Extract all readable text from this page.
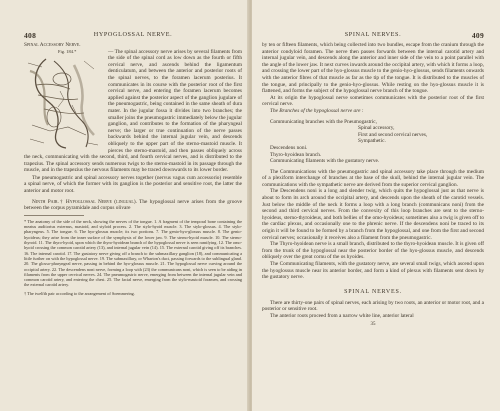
408	HYPOGLOSSAL NERVE.

Spinal Accessory Nerve.

Fig. 184.*	— The spinal accessory nerve arises by several filaments from the side of the spinal cord as low down as the fourth or fifth cervical nerve, and ascends behind the ligamentum denticulatum, and between the anterior and posterior roots of the spinal nerves, to the foramen lacerum posterius. It communicates in its course with the posterior root of the first cervical nerve, and entering the foramen lacerum becomes applied against the posterior aspect of the ganglion jugulare of the pneumogastric, being contained in the same sheath of dura mater. In the jugular fossa it divides into two branches; the smaller joins the pneumogastric immediately below the jugular ganglion, and contributes to the formation of the pharyngeal nerve; the larger or true continuation of the nerve passes backwards behind the internal jugular vein, and descends obliquely to the upper part of the sterno-mastoid muscle. It pierces the sterno-mastoid, and then passes obliquely across the neck, communicating with the second, third, and fourth cervical nerves, and is distributed to the trapezius. The spinal accessory sends numerous twigs to the sterno-mastoid in its passage through the muscle, and in the trapezius the nervous filaments may be traced downwards to its lower border.

The pneumogastric and spinal accessory nerves together (nervus vagus cum accessorio) resemble a spinal nerve, of which the former with its ganglion is the posterior and sensitive root, the latter the anterior and motor root.

Ninth Pair.† Hypoglossal Nerve (lingual). The hypoglossal nerve arises from the groove between the corpus pyramidale and corpus olivare

* The anatomy of the side of the neck, showing the nerves of the tongue. 1. A fragment of the temporal bone containing the meatus auditorius externus, mastoid, and styloid process. 2. The stylo-hyoid muscle. 3. The stylo-glossus. 4. The stylo-pharyngeus. 5. The tongue. 6. The hyo-glossus muscle; its two portions. 7. The genio-hyo-glossus muscle. 8. The genio-hyoideus; they arise from the inner surface of the symphysis of the lower jaw. 9. The sterno-hyoid muscle. 10. The sterno-thyroid. 11. The thyro-hyoid, upon which the thyro-hyoidean branch of the hypoglossal nerve is seen ramifying. 12. The omo-hyoid crossing the common carotid artery (13), and internal jugular vein (14). 15. The external carotid giving off its branches. 16. The internal carotid. 17. The gustatory nerve giving off a branch to the submaxillary ganglion (18), and communicating a little further on with the hypoglossal nerve. 19. The submaxillary, or Wharton's duct, passing forwards to the sublingual gland. 20. The glosso-pharyngeal nerve, passing in behind the hyo-glossus muscle. 21. The hypoglossal nerve curving around the occipital artery. 22. The descendens noni nerve, forming a loop with (23) the communicans noni, which is seen to be aiding in filaments from the upper cervical nerves. 24. The pneumogastric nerve, emerging from between the internal jugular vein and common carotid artery, and entering the chest. 25. The facial nerve, emerging from the stylo-mastoid foramen, and crossing the external carotid artery.

† The twelfth pair according to the arrangement of Soemmering.

SPINAL NERVES.	409

by ten or fifteen filaments, which being collected into two bundles, escape from the cranium through the anterior condyloid foramen. The nerve then passes forwards between the internal carotid artery and internal jugular vein, and descends along the anterior and inner side of the vein to a point parallel with the angle of the lower jaw. It next curves inwards around the occipital artery, with which it forms a loop, and crossing the lower part of the hyo-glossus muscle to the genio-hyo-glossus, sends filaments onwards with the anterior fibres of that muscle as far as the tip of the tongue. It is distributed to the muscles of the tongue, and principally to the genio-hyo-glossus. While resting on the hyo-glossus muscle it is flattened, and forms the subject of the hypoglossal nerve branch of the tongue.

At its origin the hypoglossal nerve sometimes communicates with the posterior root of the first cervical nerve.

The Branches of the hypoglossal nerve are :

Communicating branches with the Pneumogastric,
Spinal accessory,
First and second cervical nerves,
Sympathetic.
Descendens noni.
Thyro-hyoidean branch.
Communicating filaments with the gustatory nerve.

The Communications with the pneumogastric and spinal accessory take place through the medium of a plexiform interchange of branches at the base of the skull, behind the internal jugular vein. The communications with the sympathetic nerve are derived from the superior cervical ganglion.

The Descendens noni is a long and slender twig, which quits the hypoglossal just as that nerve is about to form its arch around the occipital artery, and descends upon the sheath of the carotid vessels. Just below the middle of the neck it forms a loop with a long branch (communicans noni) from the second and third cervical nerves. From the convexity of this loop branches are sent to the sterno-hyoideus, sterno-thyroideus, and both bellies of the omo-hyoideus; sometimes also a twig is given off to the cardiac plexus, and occasionally one to the phrenic nerve. If the descendens noni be traced to its origin it will be found to be formed by a branch from the hypoglossal, and one from the first and second cervical nerves; occasionally it receives also a filament from the pneumogastric.

The Thyro-hyoidean nerve is a small branch, distributed to the thyro-hyoidean muscle. It is given off from the trunk of the hypoglossal near the posterior border of the hyo-glossus muscle, and descends obliquely over the great cornu of the os hyoides.

The Communicating filaments, with the gustatory nerve, are several small twigs, which ascend upon the hyoglossus muscle near its anterior border, and form a kind of plexus with filaments sent down by the gustatory nerve.

SPINAL NERVES.

There are thirty-one pairs of spinal nerves, each arising by two roots, an anterior or motor root, and a posterior or sensitive root.

The anterior roots proceed from a narrow white line, anterior lateral

35
